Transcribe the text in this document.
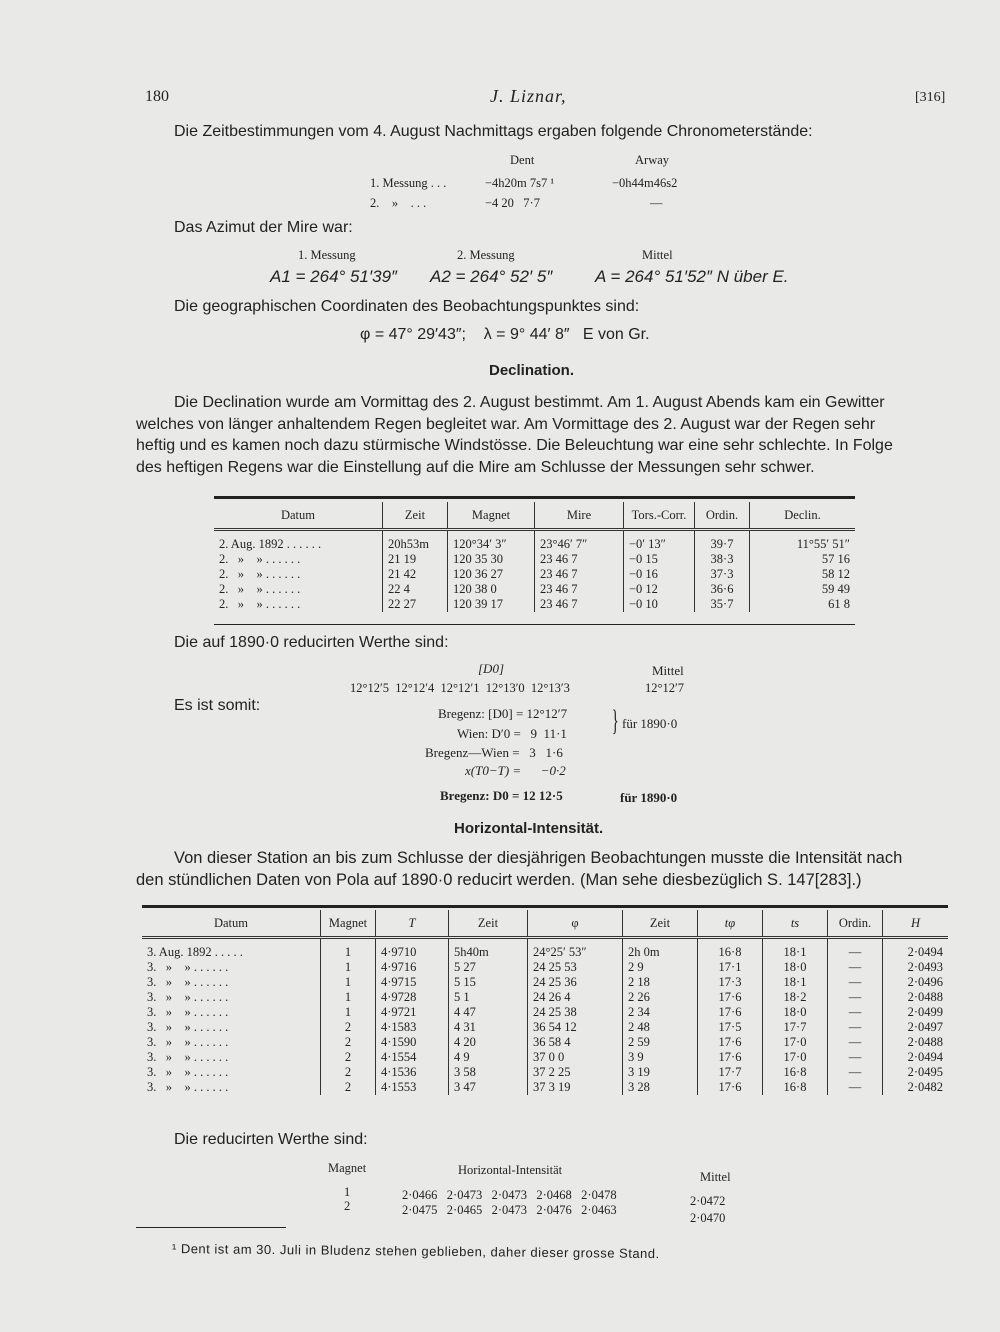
180	J. Liznar,	[316]
Die Zeitbestimmungen vom 4. August Nachmittags ergaben folgende Chronometerstände:
Dent	Arway
1. Messung . . .	−4h20m 7s7 ¹	−0h44m46s2
2.    »    . . .	−4 20   7·7	—
Das Azimut der Mire war:
1. Messung	2. Messung	Mittel
A1 = 264° 51′39″ A2 = 264° 52′ 5″	A = 264° 51′52″ N über E.
Die geographischen Coordinaten des Beobachtungspunktes sind:
φ = 47° 29′43″;    λ = 9° 44′ 8″   E von Gr.
Declination.
Die Declination wurde am Vormittag des 2. August bestimmt. Am 1. August Abends kam ein Gewitter
welches von länger anhaltendem Regen begleitet war. Am Vormittage des 2. August war der Regen sehr
heftig und es kamen noch dazu stürmische Windstösse. Die Beleuchtung war eine sehr schlechte. In Folge
des heftigen Regens war die Einstellung auf die Mire am Schlusse der Messungen sehr schwer.
Datum	Zeit	Magnet	Mire	Tors.-Corr.	Ordin.	Declin.
2. Aug. 1892 . . . . . .	20h53m	120°34′ 3″	23°46′ 7″	−0′ 13″	39·7	11°55′ 51″
2.   »    » . . . . . .	21 19	120 35 30	23 46 7	−0 15	38·3	57 16
2.   »    » . . . . . .	21 42	120 36 27	23 46 7	−0 16	37·3	58 12
2.   »    » . . . . . .	22 4	120 38 0	23 46 7	−0 12	36·6	59 49
2.   »    » . . . . . .	22 27	120 39 17	23 46 7	−0 10	35·7	61 8
Die auf 1890·0 reducirten Werthe sind:
[D0]	Mittel
12°12′5  12°12′4  12°12′1  12°13′0  12°13′3	12°12′7
Es ist somit:	Bregenz: [D0] = 12°12′7
Wien: D′0 =   9  11·1 } für 1890·0
Bregenz—Wien =   3   1·6
x(T0−T) =      −0·2
Bregenz: D0 = 12 12·5	für 1890·0
Horizontal-Intensität.
Von dieser Station an bis zum Schlusse der diesjährigen Beobachtungen musste die Intensität nach
den stündlichen Daten von Pola auf 1890·0 reducirt werden. (Man sehe diesbezüglich S. 147[283].)
Datum	Magnet	T	Zeit	φ	Zeit	tφ	ts	Ordin.	H
3. Aug. 1892 . . . . .	1	4·9710	5h40m	24°25′ 53″	2h 0m	16·8	18·1	—	2·0494
3.   »    » . . . . . .	1	4·9716	5 27	24 25 53	2 9	17·1	18·0	—	2·0493
3.   »    » . . . . . .	1	4·9715	5 15	24 25 36	2 18	17·3	18·1	—	2·0496
3.   »    » . . . . . .	1	4·9728	5 1	24 26 4	2 26	17·6	18·2	—	2·0488
3.   »    » . . . . . .	1	4·9721	4 47	24 25 38	2 34	17·6	18·0	—	2·0499
3.   »    » . . . . . .	2	4·1583	4 31	36 54 12	2 48	17·5	17·7	—	2·0497
3.   »    » . . . . . .	2	4·1590	4 20	36 58 4	2 59	17·6	17·0	—	2·0488
3.   »    » . . . . . .	2	4·1554	4 9	37 0 0	3 9	17·6	17·0	—	2·0494
3.   »    » . . . . . .	2	4·1536	3 58	37 2 25	3 19	17·7	16·8	—	2·0495
3.   »    » . . . . . .	2	4·1553	3 47	37 3 19	3 28	17·6	16·8	—	2·0482
Die reducirten Werthe sind:
Magnet	Horizontal-Intensität	Mittel
1	2·0466   2·0473   2·0473   2·0468   2·0478	2·0472
2	2·0475   2·0465   2·0473   2·0476   2·0463
2·0470
¹ Dent ist am 30. Juli in Bludenz stehen geblieben, daher dieser grosse Stand.
